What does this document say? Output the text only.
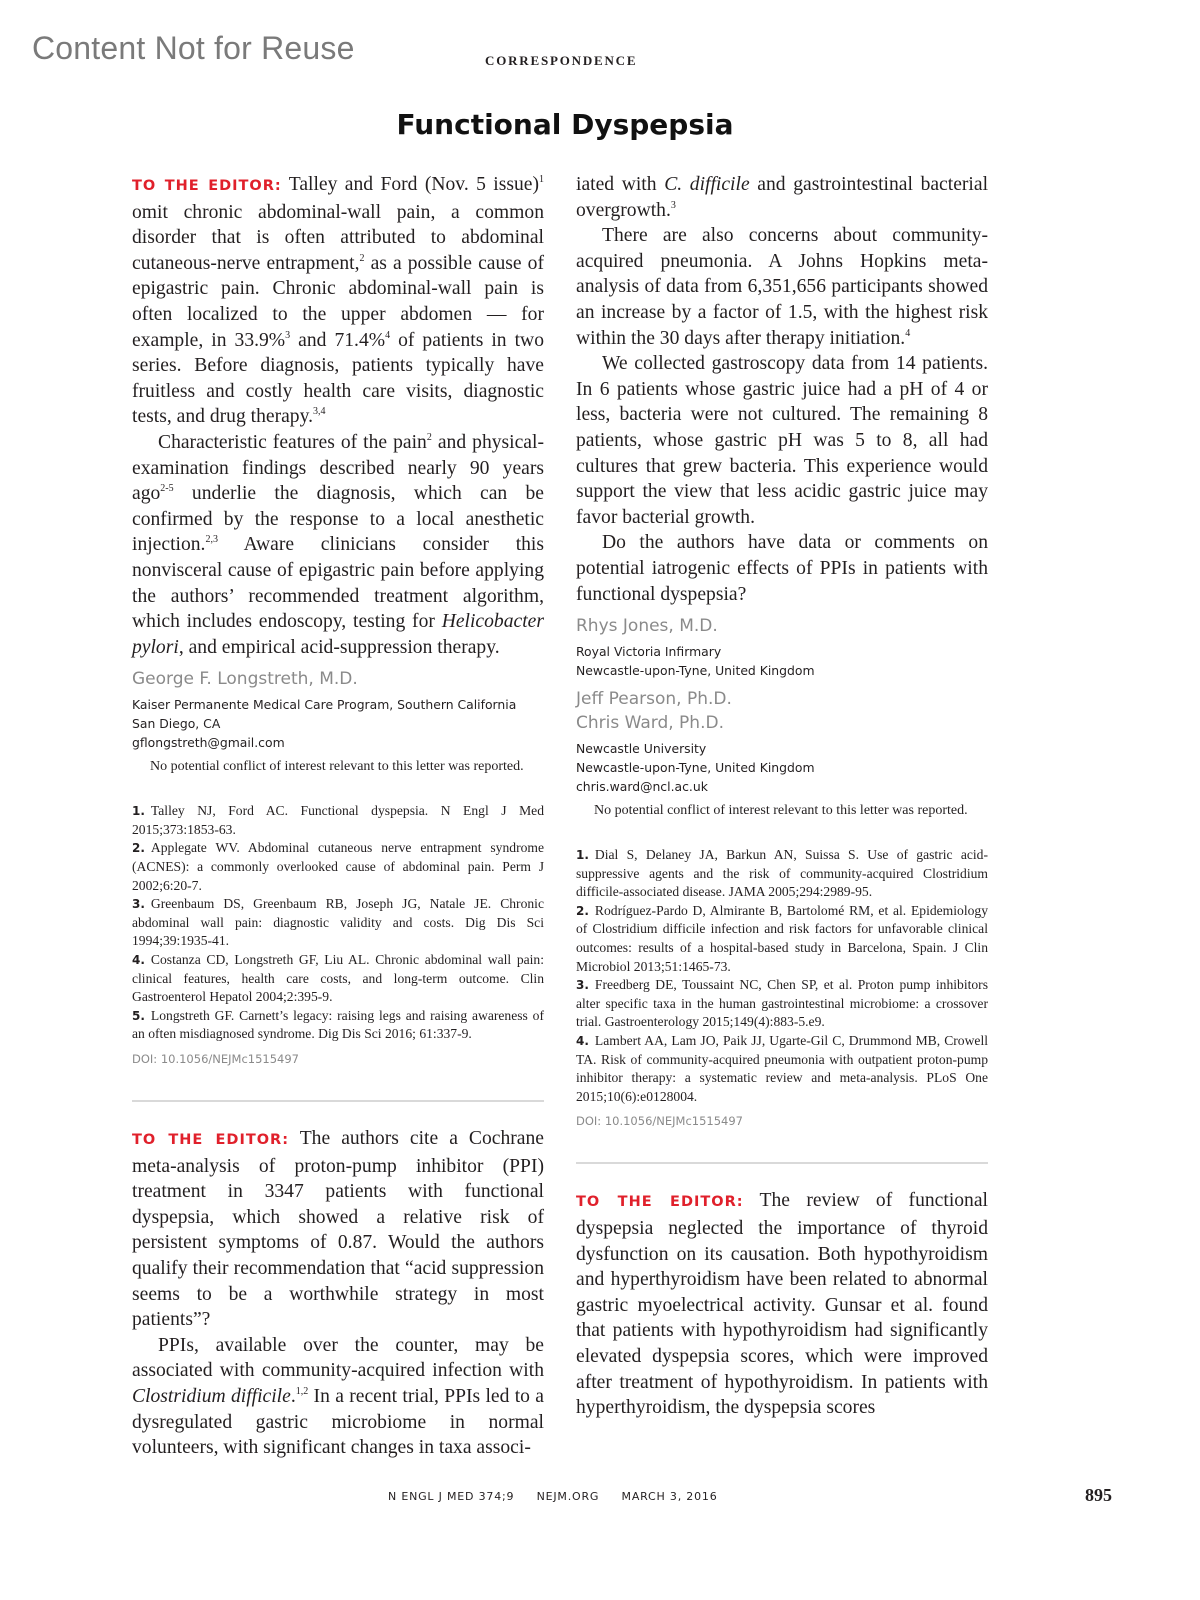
Content Not for Reuse	CORRESPONDENCE
Functional Dyspepsia

TO THE EDITOR: Talley and Ford (Nov. 5 issue)$^1$ omit chronic abdominal-wall pain, a common disorder that is often attributed to abdominal cutaneous-nerve entrapment,$^2$ as a possible cause of epigastric pain. Chronic abdominal-wall pain is often localized to the upper abdomen — for example, in 33.9%$^3$ and 71.4%$^4$ of patients in two series. Before diagnosis, patients typically have fruitless and costly health care visits, diagnostic tests, and drug therapy.$^{3,4}$

Characteristic features of the pain$^2$ and physical-examination findings described nearly 90 years ago$^{2-5}$ underlie the diagnosis, which can be confirmed by the response to a local anesthetic injection.$^{2,3}$ Aware clinicians consider this nonvisceral cause of epigastric pain before applying the authors’ recommended treatment algorithm, which includes endoscopy, testing for Helicobacter pylori, and empirical acid-suppression therapy.

George F. Longstreth, M.D.
Kaiser Permanente Medical Care Program, Southern California
San Diego, CA
gflongstreth@gmail.com

No potential conflict of interest relevant to this letter was reported.

1. Talley NJ, Ford AC. Functional dyspepsia. N Engl J Med 2015;373:1853-63.

2. Applegate WV. Abdominal cutaneous nerve entrapment syndrome (ACNES): a commonly overlooked cause of abdominal pain. Perm J 2002;6:20-7.

3. Greenbaum DS, Greenbaum RB, Joseph JG, Natale JE. Chronic abdominal wall pain: diagnostic validity and costs. Dig Dis Sci 1994;39:1935-41.

4. Costanza CD, Longstreth GF, Liu AL. Chronic abdominal wall pain: clinical features, health care costs, and long-term outcome. Clin Gastroenterol Hepatol 2004;2:395-9.

5. Longstreth GF. Carnett’s legacy: raising legs and raising awareness of an often misdiagnosed syndrome. Dig Dis Sci 2016; 61:337-9.

DOI: 10.1056/NEJMc1515497

TO THE EDITOR: The authors cite a Cochrane meta-analysis of proton-pump inhibitor (PPI) treatment in 3347 patients with functional dyspepsia, which showed a relative risk of persistent symptoms of 0.87. Would the authors qualify their recommendation that “acid suppression seems to be a worthwhile strategy in most patients”?

PPIs, available over the counter, may be associated with community-acquired infection with Clostridium difficile.$^{1,2}$ In a recent trial, PPIs led to a dysregulated gastric microbiome in normal volunteers, with significant changes in taxa associ-

iated with C. difficile and gastrointestinal bacterial overgrowth.$^3$

There are also concerns about community-acquired pneumonia. A Johns Hopkins meta-analysis of data from 6,351,656 participants showed an increase by a factor of 1.5, with the highest risk within the 30 days after therapy initiation.$^4$

We collected gastroscopy data from 14 patients. In 6 patients whose gastric juice had a pH of 4 or less, bacteria were not cultured. The remaining 8 patients, whose gastric pH was 5 to 8, all had cultures that grew bacteria. This experience would support the view that less acidic gastric juice may favor bacterial growth.

Do the authors have data or comments on potential iatrogenic effects of PPIs in patients with functional dyspepsia?

Rhys Jones, M.D.
Royal Victoria Infirmary
Newcastle-upon-Tyne, United Kingdom
Jeff Pearson, Ph.D.
Chris Ward, Ph.D.
Newcastle University
Newcastle-upon-Tyne, United Kingdom
chris.ward@ncl.ac.uk

No potential conflict of interest relevant to this letter was reported.

1. Dial S, Delaney JA, Barkun AN, Suissa S. Use of gastric acid-suppressive agents and the risk of community-acquired Clostridium difficile-associated disease. JAMA 2005;294:2989-95.

2. Rodríguez-Pardo D, Almirante B, Bartolomé RM, et al. Epidemiology of Clostridium difficile infection and risk factors for unfavorable clinical outcomes: results of a hospital-based study in Barcelona, Spain. J Clin Microbiol 2013;51:1465-73.

3. Freedberg DE, Toussaint NC, Chen SP, et al. Proton pump inhibitors alter specific taxa in the human gastrointestinal microbiome: a crossover trial. Gastroenterology 2015;149(4):883-5.e9.

4. Lambert AA, Lam JO, Paik JJ, Ugarte-Gil C, Drummond MB, Crowell TA. Risk of community-acquired pneumonia with outpatient proton-pump inhibitor therapy: a systematic review and meta-analysis. PLoS One 2015;10(6):e0128004.

DOI: 10.1056/NEJMc1515497

TO THE EDITOR: The review of functional dyspepsia neglected the importance of thyroid dysfunction on its causation. Both hypothyroidism and hyperthyroidism have been related to abnormal gastric myoelectrical activity. Gunsar et al. found that patients with hypothyroidism had significantly elevated dyspepsia scores, which were improved after treatment of hypothyroidism. In patients with hyperthyroidism, the dyspepsia scores

N ENGL J MED 374;9 NEJM.ORG MARCH 3, 2016	895
